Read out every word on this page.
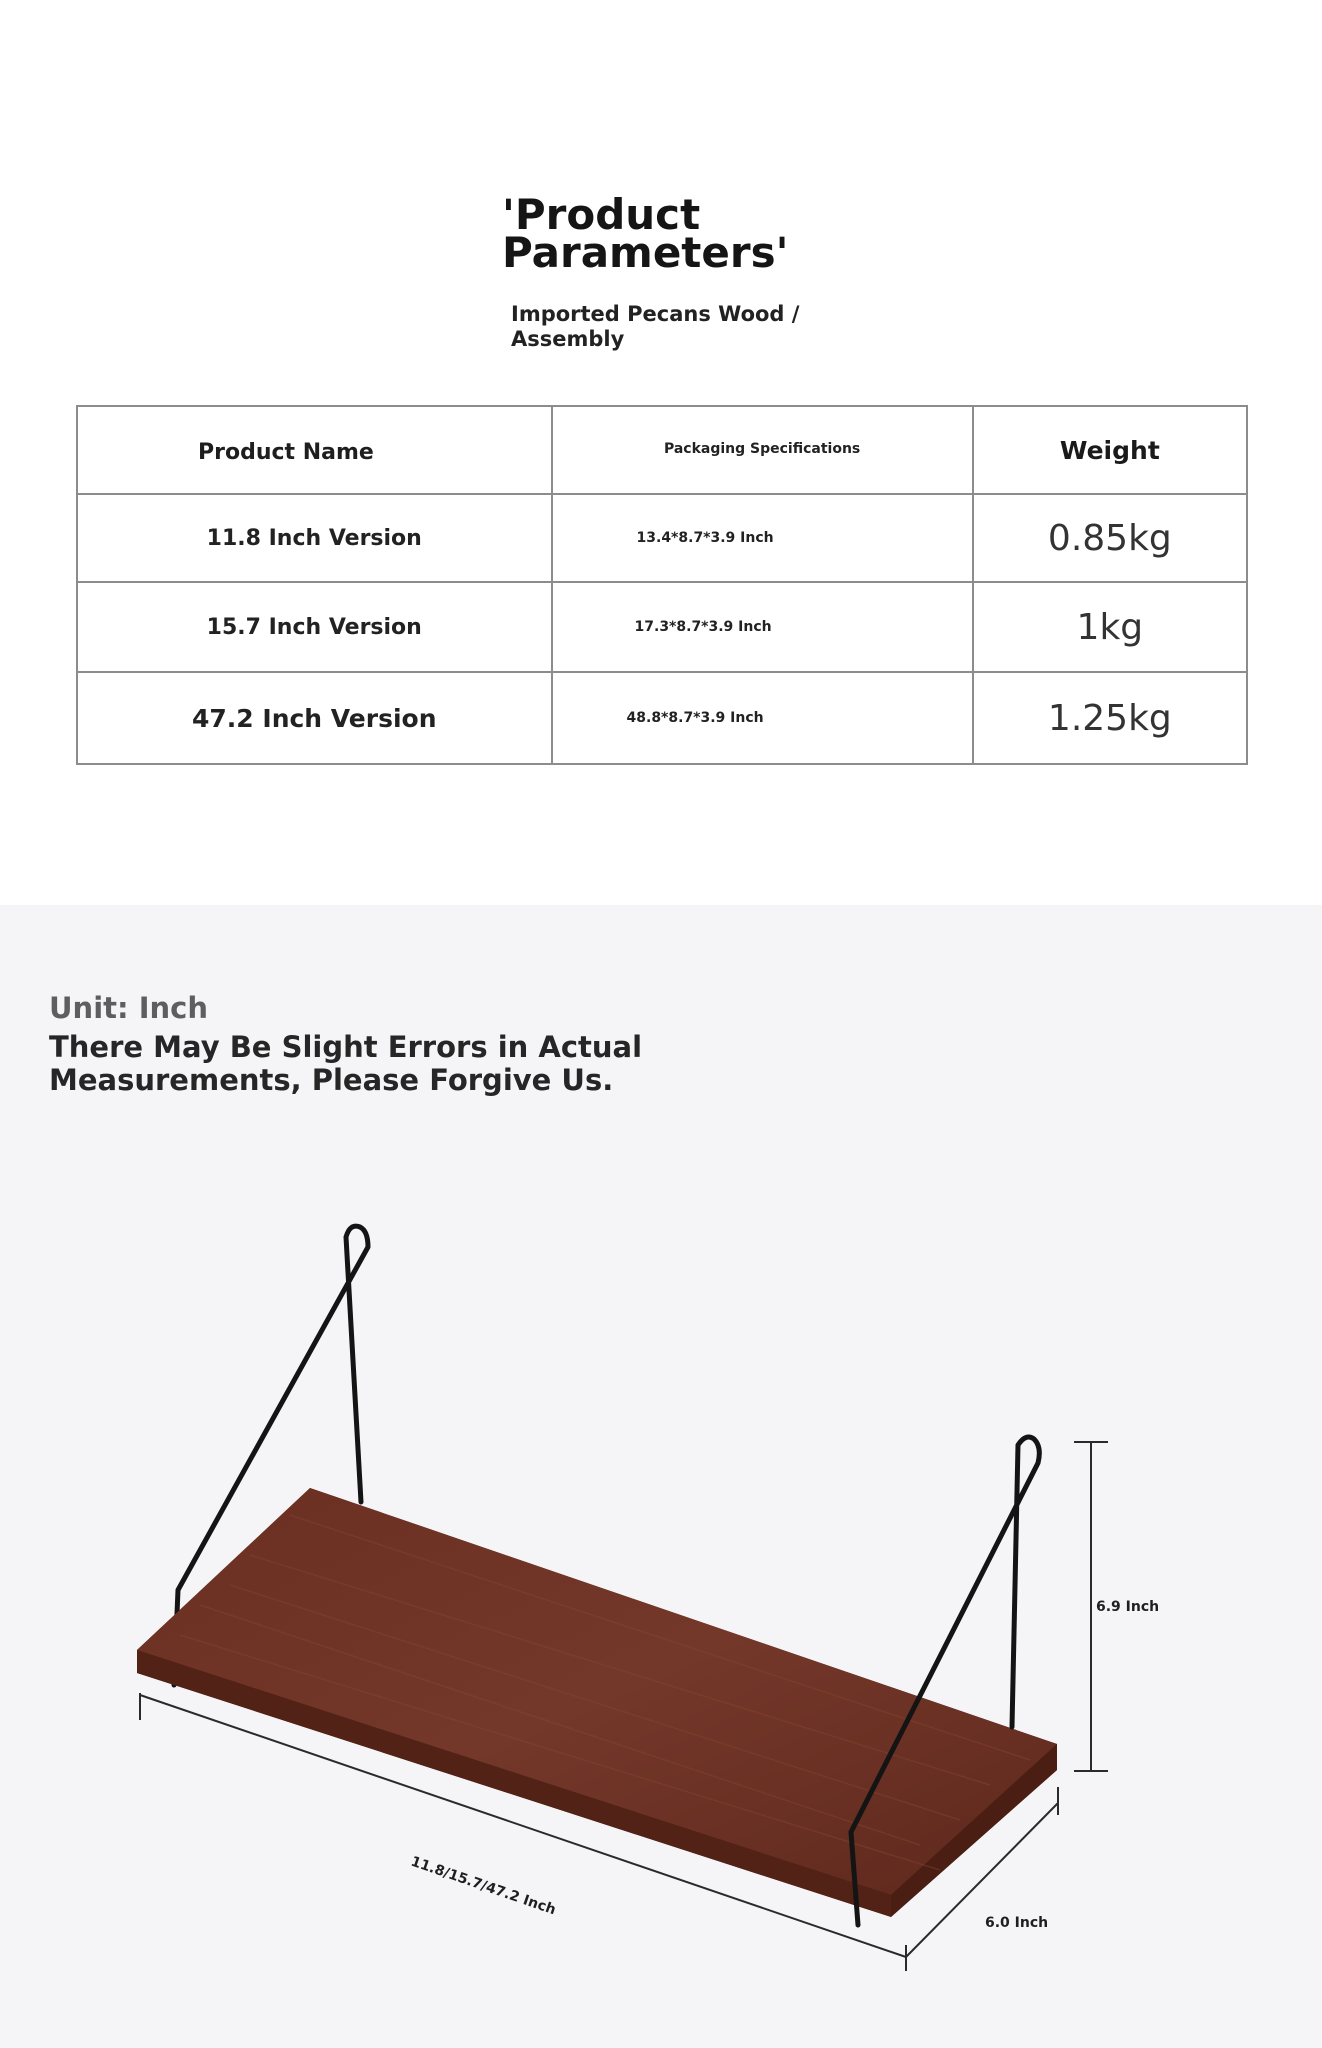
'Product
Parameters'
Imported Pecans Wood /
Assembly
Product Name	Packaging Specifications	Weight
11.8 Inch Version	13.4*8.7*3.9 Inch	0.85kg
15.7 Inch Version	17.3*8.7*3.9 Inch	1kg
47.2 Inch Version	48.8*8.7*3.9 Inch	1.25kg
Unit: Inch
There May Be Slight Errors in Actual
Measurements, Please Forgive Us.
11.8/15.7/47.2 Inch
6.0 Inch
6.9 Inch
